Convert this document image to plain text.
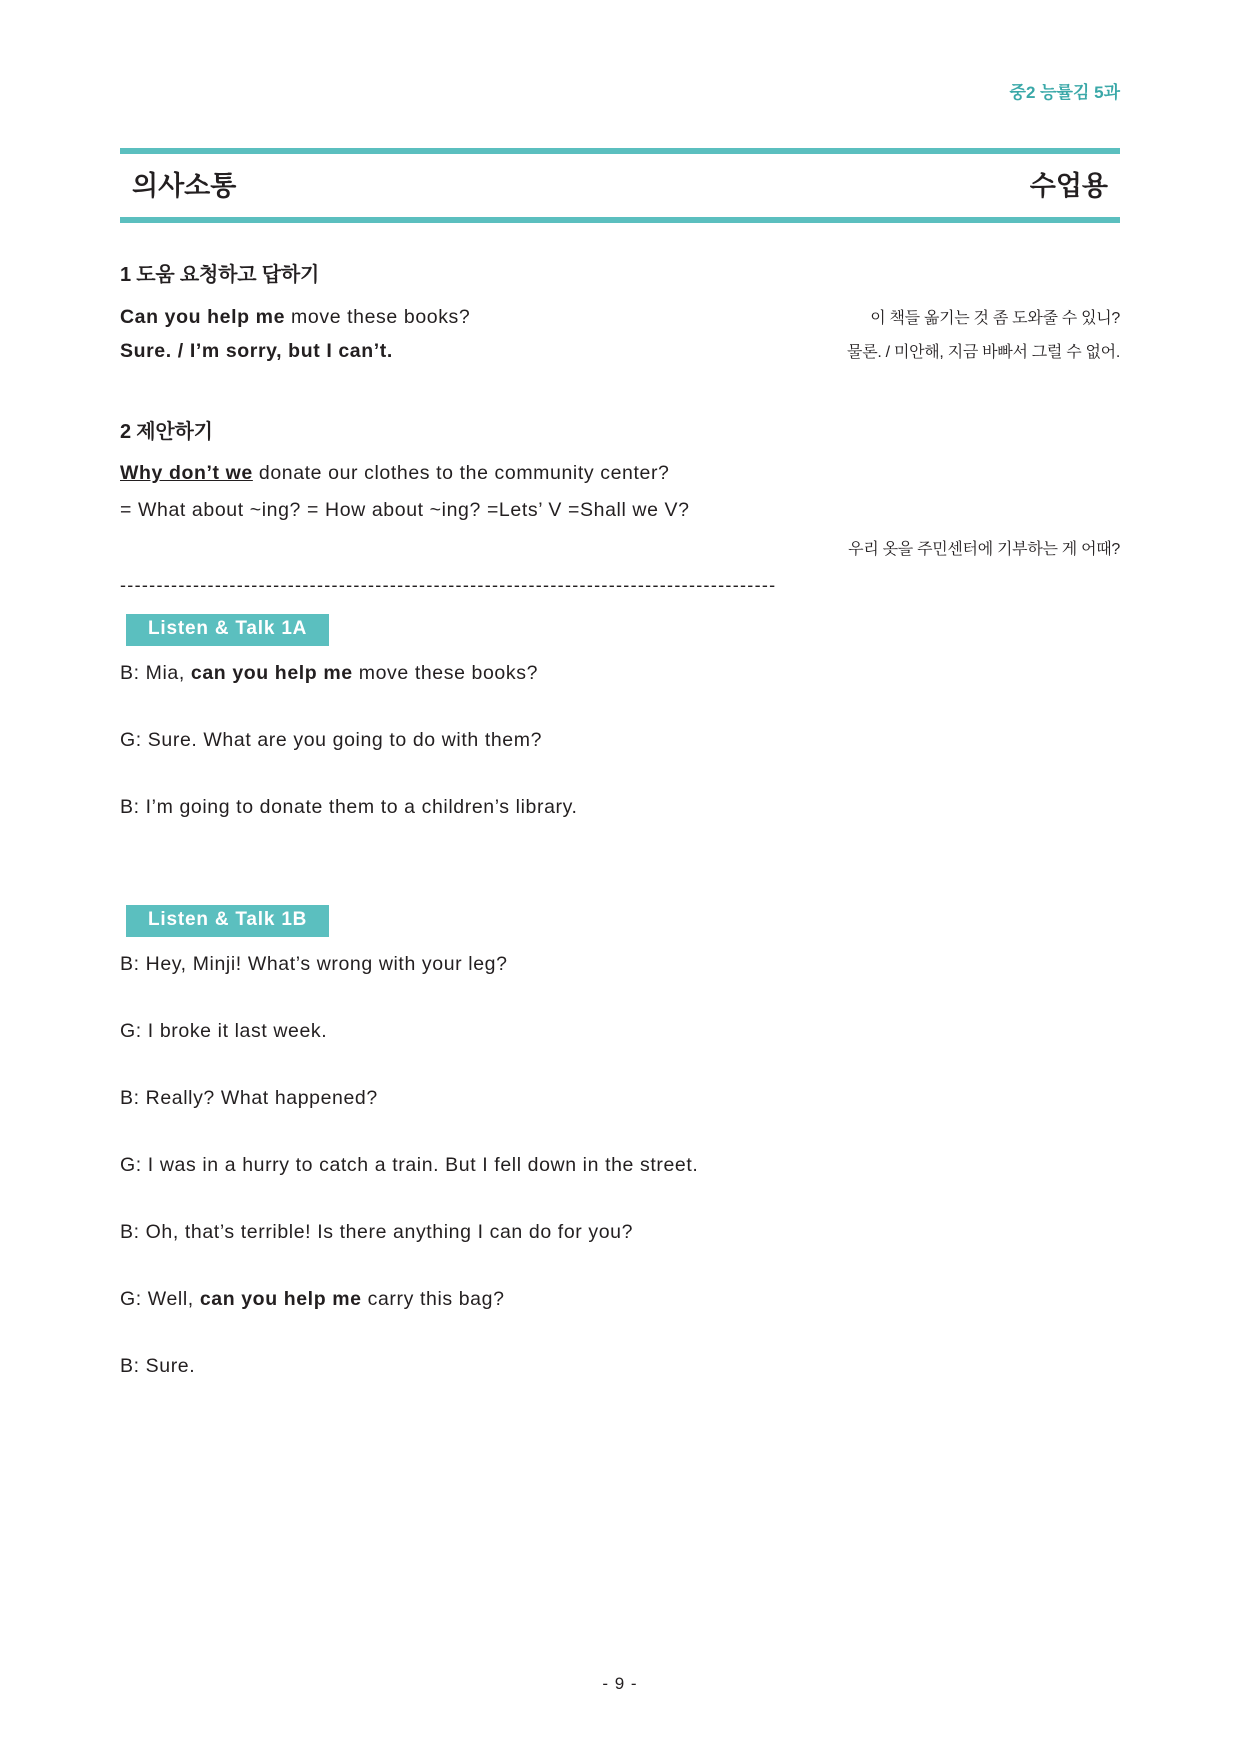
중2 능률김 5과
의사소통	수업용
1 도움 요청하고 답하기
Can you help me move these books?	이 책들 옮기는 것 좀 도와줄 수 있니?
Sure. / I’m sorry, but I can’t.	물론. / 미안해, 지금 바빠서 그럴 수 없어.
2 제안하기
Why don’t we donate our clothes to the community center?
= What about ~ing? = How about ~ing? =Lets’ V =Shall we V?
우리 옷을 주민센터에 기부하는 게 어때?
------------------------------------------------------------------------------------------
Listen & Talk 1A
B: Mia, can you help me move these books?
G: Sure. What are you going to do with them?
B: I’m going to donate them to a children’s library.
Listen & Talk 1B
B: Hey, Minji! What’s wrong with your leg?
G: I broke it last week.
B: Really? What happened?
G: I was in a hurry to catch a train. But I fell down in the street.
B: Oh, that’s terrible! Is there anything I can do for you?
G: Well, can you help me carry this bag?
B: Sure.
- 9 -
